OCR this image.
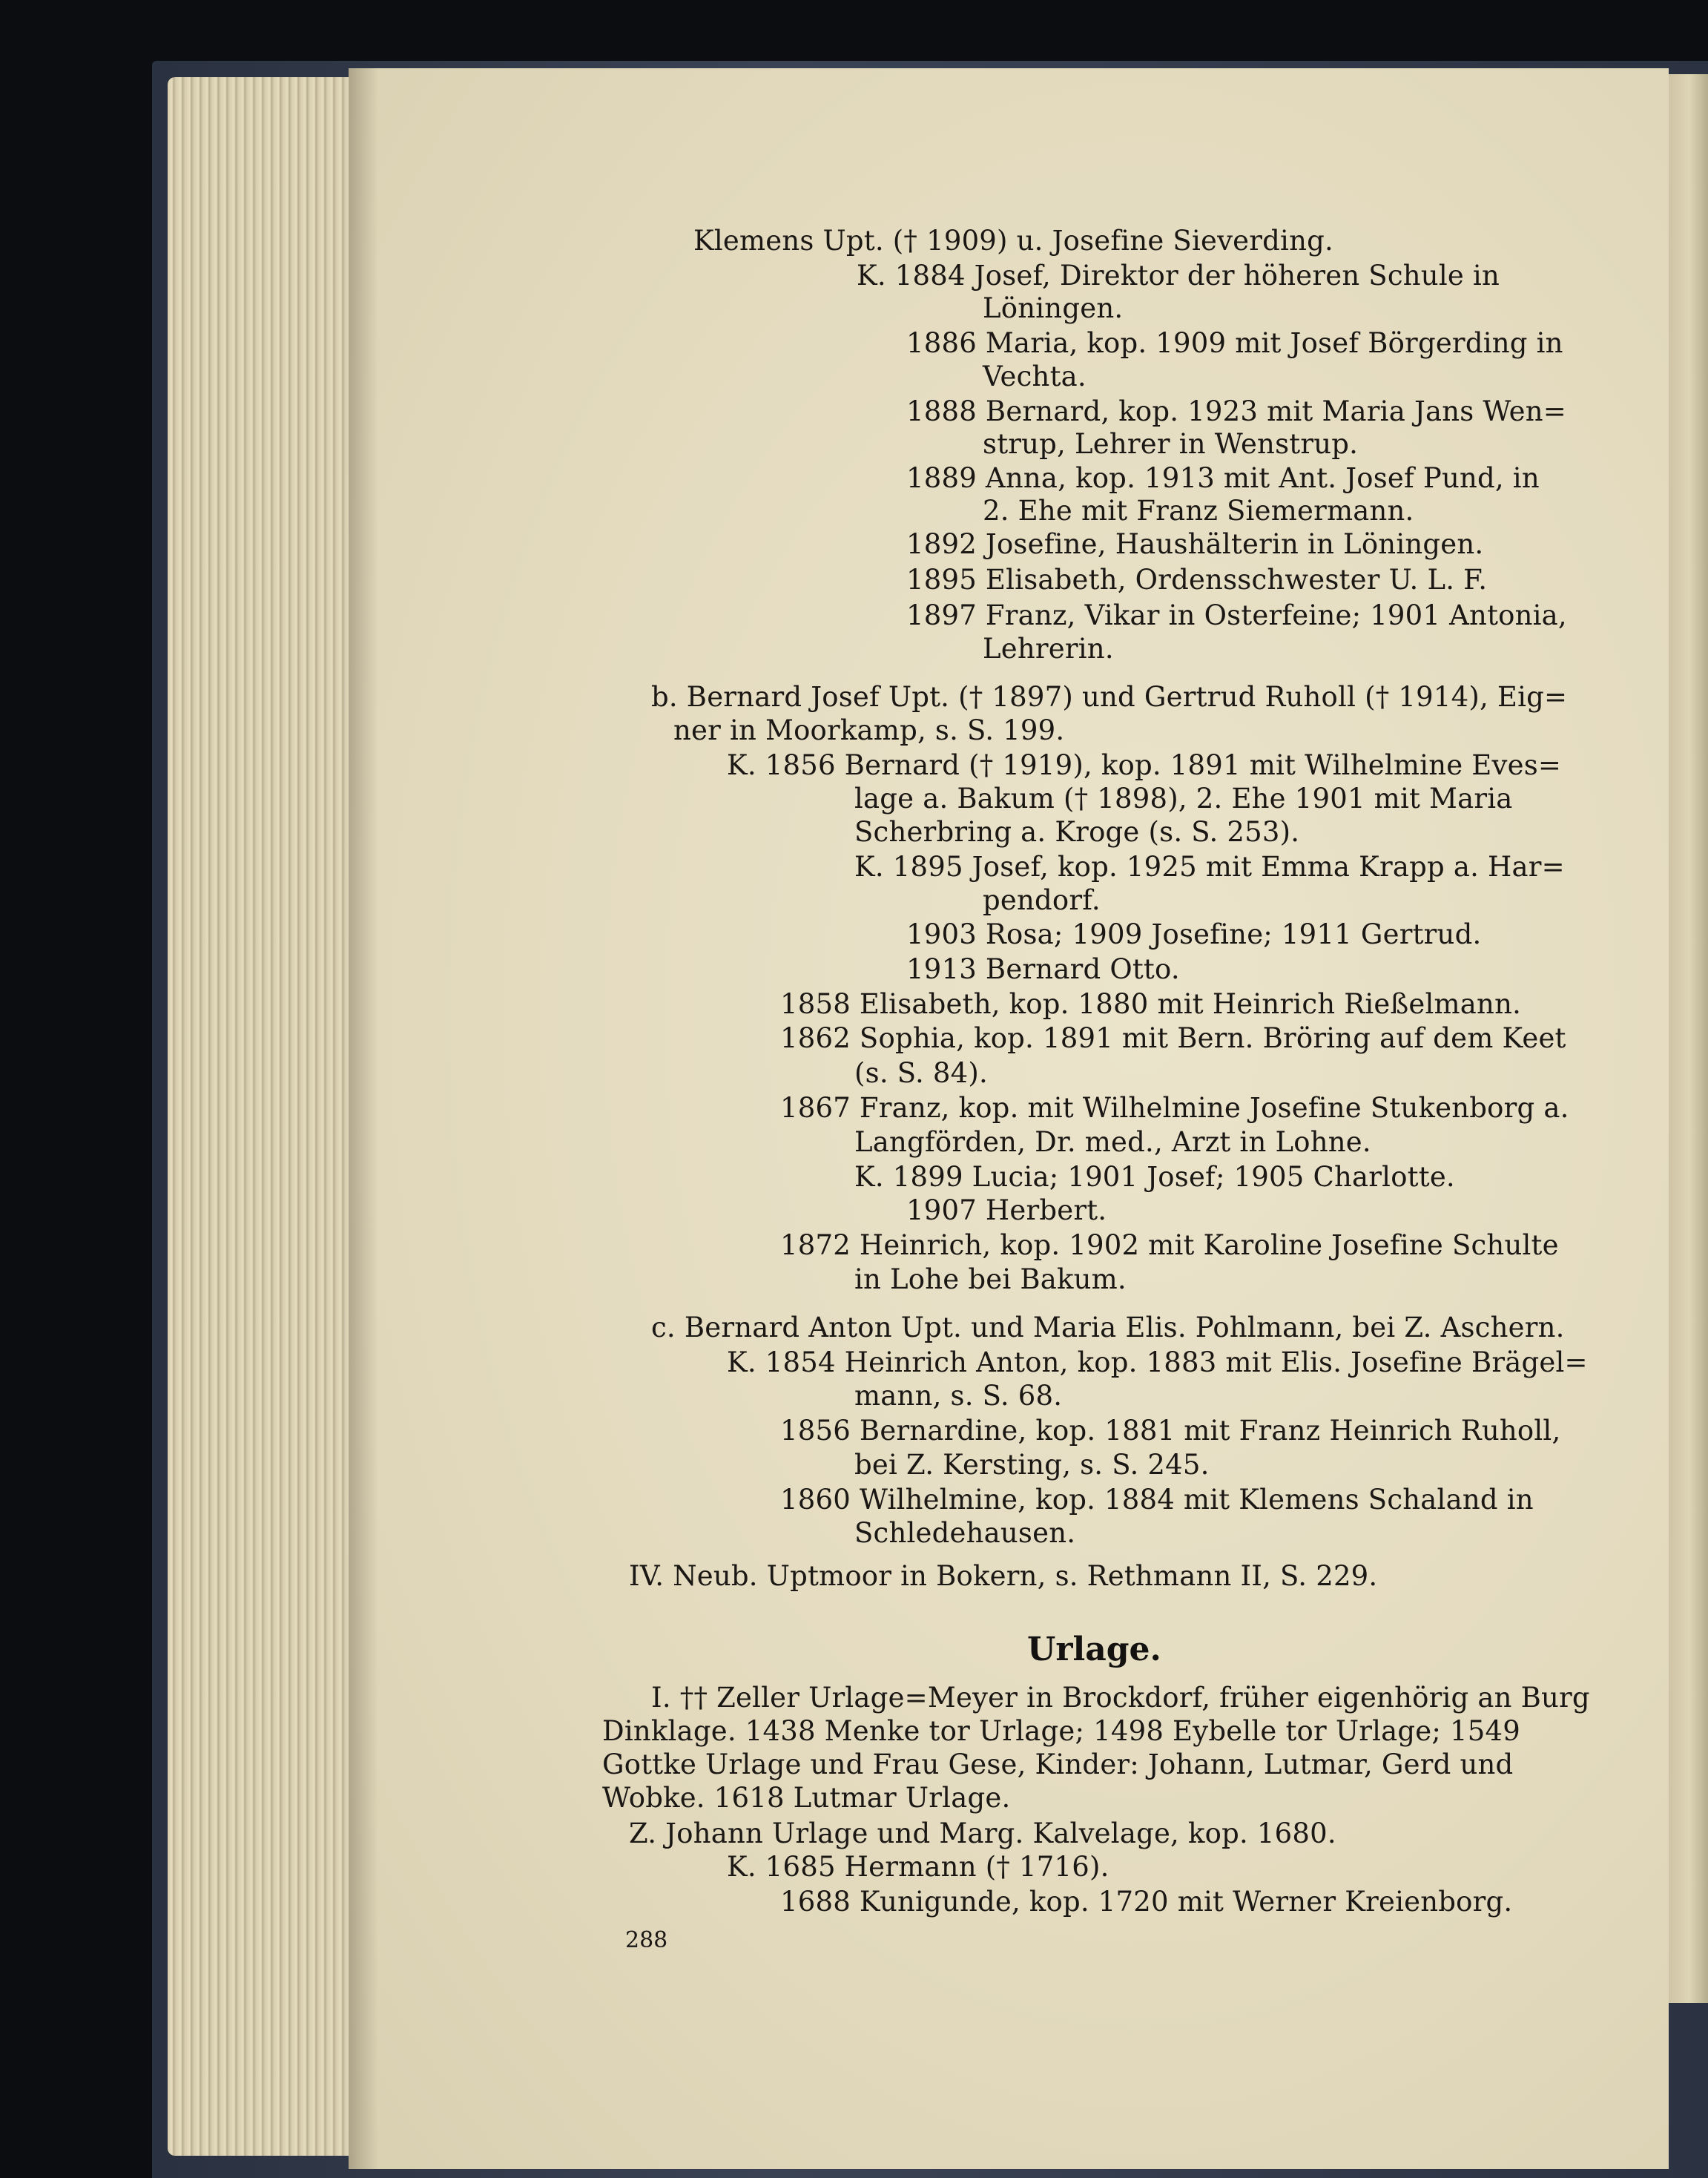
Klemens Upt. († 1909) u. Josefine Sieverding.
K. 1884 Josef, Direktor der höheren Schule in
Löningen.
1886 Maria, kop. 1909 mit Josef Börgerding in
Vechta.
1888 Bernard, kop. 1923 mit Maria Jans Wen=
strup, Lehrer in Wenstrup.
1889 Anna, kop. 1913 mit Ant. Josef Pund, in
2. Ehe mit Franz Siemermann.
1892 Josefine, Haushälterin in Löningen.
1895 Elisabeth, Ordensschwester U. L. F.
1897 Franz, Vikar in Osterfeine; 1901 Antonia,
Lehrerin.
b. Bernard Josef Upt. († 1897) und Gertrud Ruholl († 1914), Eig=
ner in Moorkamp, s. S. 199.
K. 1856 Bernard († 1919), kop. 1891 mit Wilhelmine Eves=
lage a. Bakum († 1898), 2. Ehe 1901 mit Maria
Scherbring a. Kroge (s. S. 253).
K. 1895 Josef, kop. 1925 mit Emma Krapp a. Har=
pendorf.
1903 Rosa; 1909 Josefine; 1911 Gertrud.
1913 Bernard Otto.
1858 Elisabeth, kop. 1880 mit Heinrich Rießelmann.
1862 Sophia, kop. 1891 mit Bern. Bröring auf dem Keet
(s. S. 84).
1867 Franz, kop. mit Wilhelmine Josefine Stukenborg a.
Langförden, Dr. med., Arzt in Lohne.
K. 1899 Lucia; 1901 Josef; 1905 Charlotte.
1907 Herbert.
1872 Heinrich, kop. 1902 mit Karoline Josefine Schulte
in Lohe bei Bakum.
c. Bernard Anton Upt. und Maria Elis. Pohlmann, bei Z. Aschern.
K. 1854 Heinrich Anton, kop. 1883 mit Elis. Josefine Brägel=
mann, s. S. 68.
1856 Bernardine, kop. 1881 mit Franz Heinrich Ruholl,
bei Z. Kersting, s. S. 245.
1860 Wilhelmine, kop. 1884 mit Klemens Schaland in
Schledehausen.
IV. Neub. Uptmoor in Bokern, s. Rethmann II, S. 229.
Urlage.
I. †† Zeller Urlage=Meyer in Brockdorf, früher eigenhörig an Burg
Dinklage. 1438 Menke tor Urlage; 1498 Eybelle tor Urlage; 1549
Gottke Urlage und Frau Gese, Kinder: Johann, Lutmar, Gerd und
Wobke. 1618 Lutmar Urlage.
Z. Johann Urlage und Marg. Kalvelage, kop. 1680.
K. 1685 Hermann († 1716).
1688 Kunigunde, kop. 1720 mit Werner Kreienborg.
288
